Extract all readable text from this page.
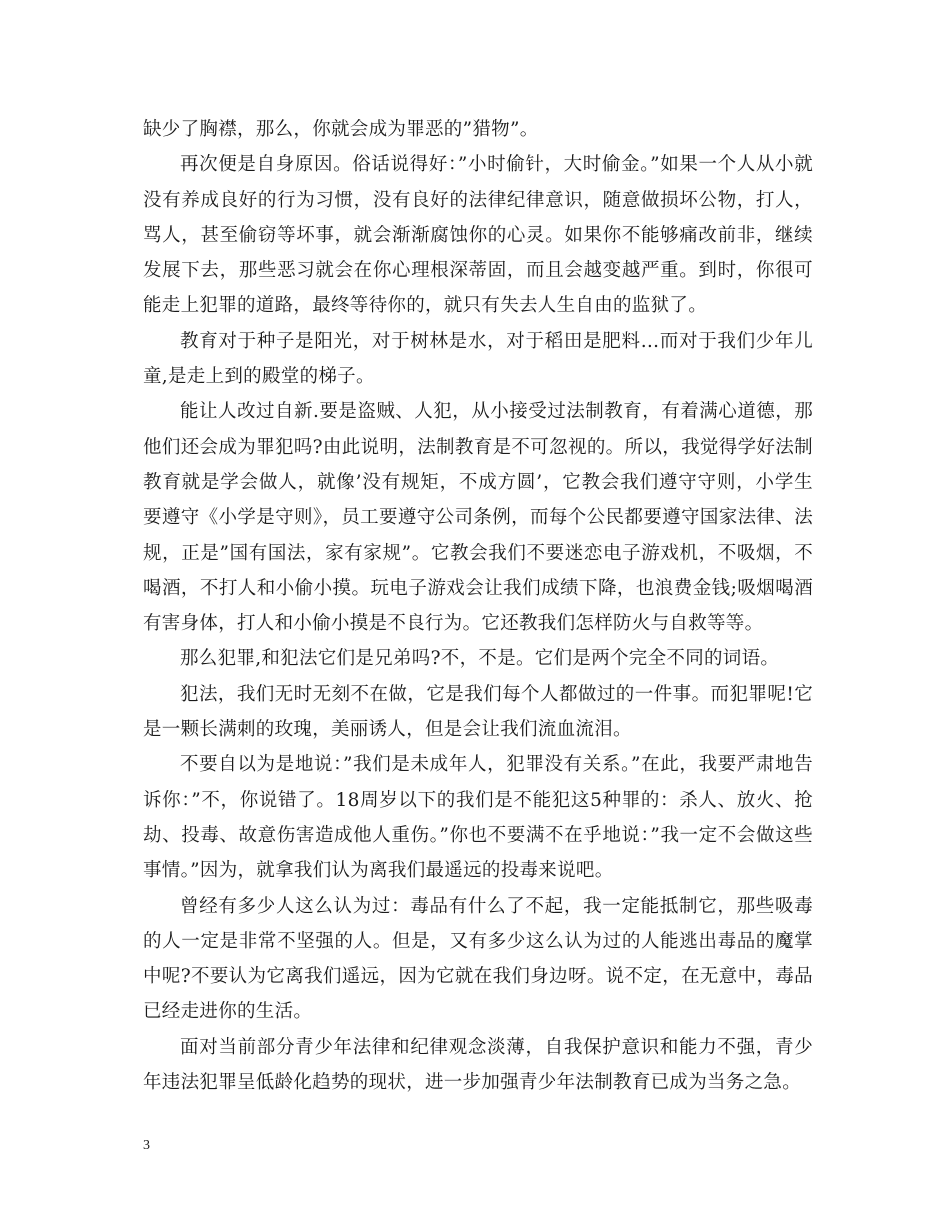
缺少了胸襟，那么，你就会成为罪恶的”猎物”。

再次便是自身原因。俗话说得好：”小时偷针，大时偷金。”如果一个人从小就没有养成良好的行为习惯，没有良好的法律纪律意识，随意做损坏公物，打人，骂人，甚至偷窃等坏事，就会渐渐腐蚀你的心灵。如果你不能够痛改前非，继续发展下去，那些恶习就会在你心理根深蒂固，而且会越变越严重。到时，你很可能走上犯罪的道路，最终等待你的，就只有失去人生自由的监狱了。

教育对于种子是阳光，对于树林是水，对于稻田是肥料…而对于我们少年儿童,是走上到的殿堂的梯子。

能让人改过自新.要是盗贼、人犯，从小接受过法制教育，有着满心道德，那他们还会成为罪犯吗?由此说明，法制教育是不可忽视的。所以，我觉得学好法制教育就是学会做人，就像’没有规矩，不成方圆’，它教会我们遵守守则，小学生要遵守《小学是守则》，员工要遵守公司条例，而每个公民都要遵守国家法律、法规，正是”国有国法，家有家规”。它教会我们不要迷恋电子游戏机，不吸烟，不喝酒，不打人和小偷小摸。玩电子游戏会让我们成绩下降，也浪费金钱;吸烟喝酒有害身体，打人和小偷小摸是不良行为。它还教我们怎样防火与自救等等。

那么犯罪,和犯法它们是兄弟吗?不，不是。它们是两个完全不同的词语。

犯法，我们无时无刻不在做，它是我们每个人都做过的一件事。而犯罪呢!它是一颗长满刺的玫瑰，美丽诱人，但是会让我们流血流泪。

不要自以为是地说：”我们是未成年人，犯罪没有关系。”在此，我要严肃地告诉你：”不，你说错了。18周岁以下的我们是不能犯这5种罪的：杀人、放火、抢劫、投毒、故意伤害造成他人重伤。”你也不要满不在乎地说：”我一定不会做这些事情。”因为，就拿我们认为离我们最遥远的投毒来说吧。

曾经有多少人这么认为过：毒品有什么了不起，我一定能抵制它，那些吸毒的人一定是非常不坚强的人。但是，又有多少这么认为过的人能逃出毒品的魔掌中呢?不要认为它离我们遥远，因为它就在我们身边呀。说不定，在无意中，毒品已经走进你的生活。

面对当前部分青少年法律和纪律观念淡薄，自我保护意识和能力不强，青少年违法犯罪呈低龄化趋势的现状，进一步加强青少年法制教育已成为当务之急。

3
